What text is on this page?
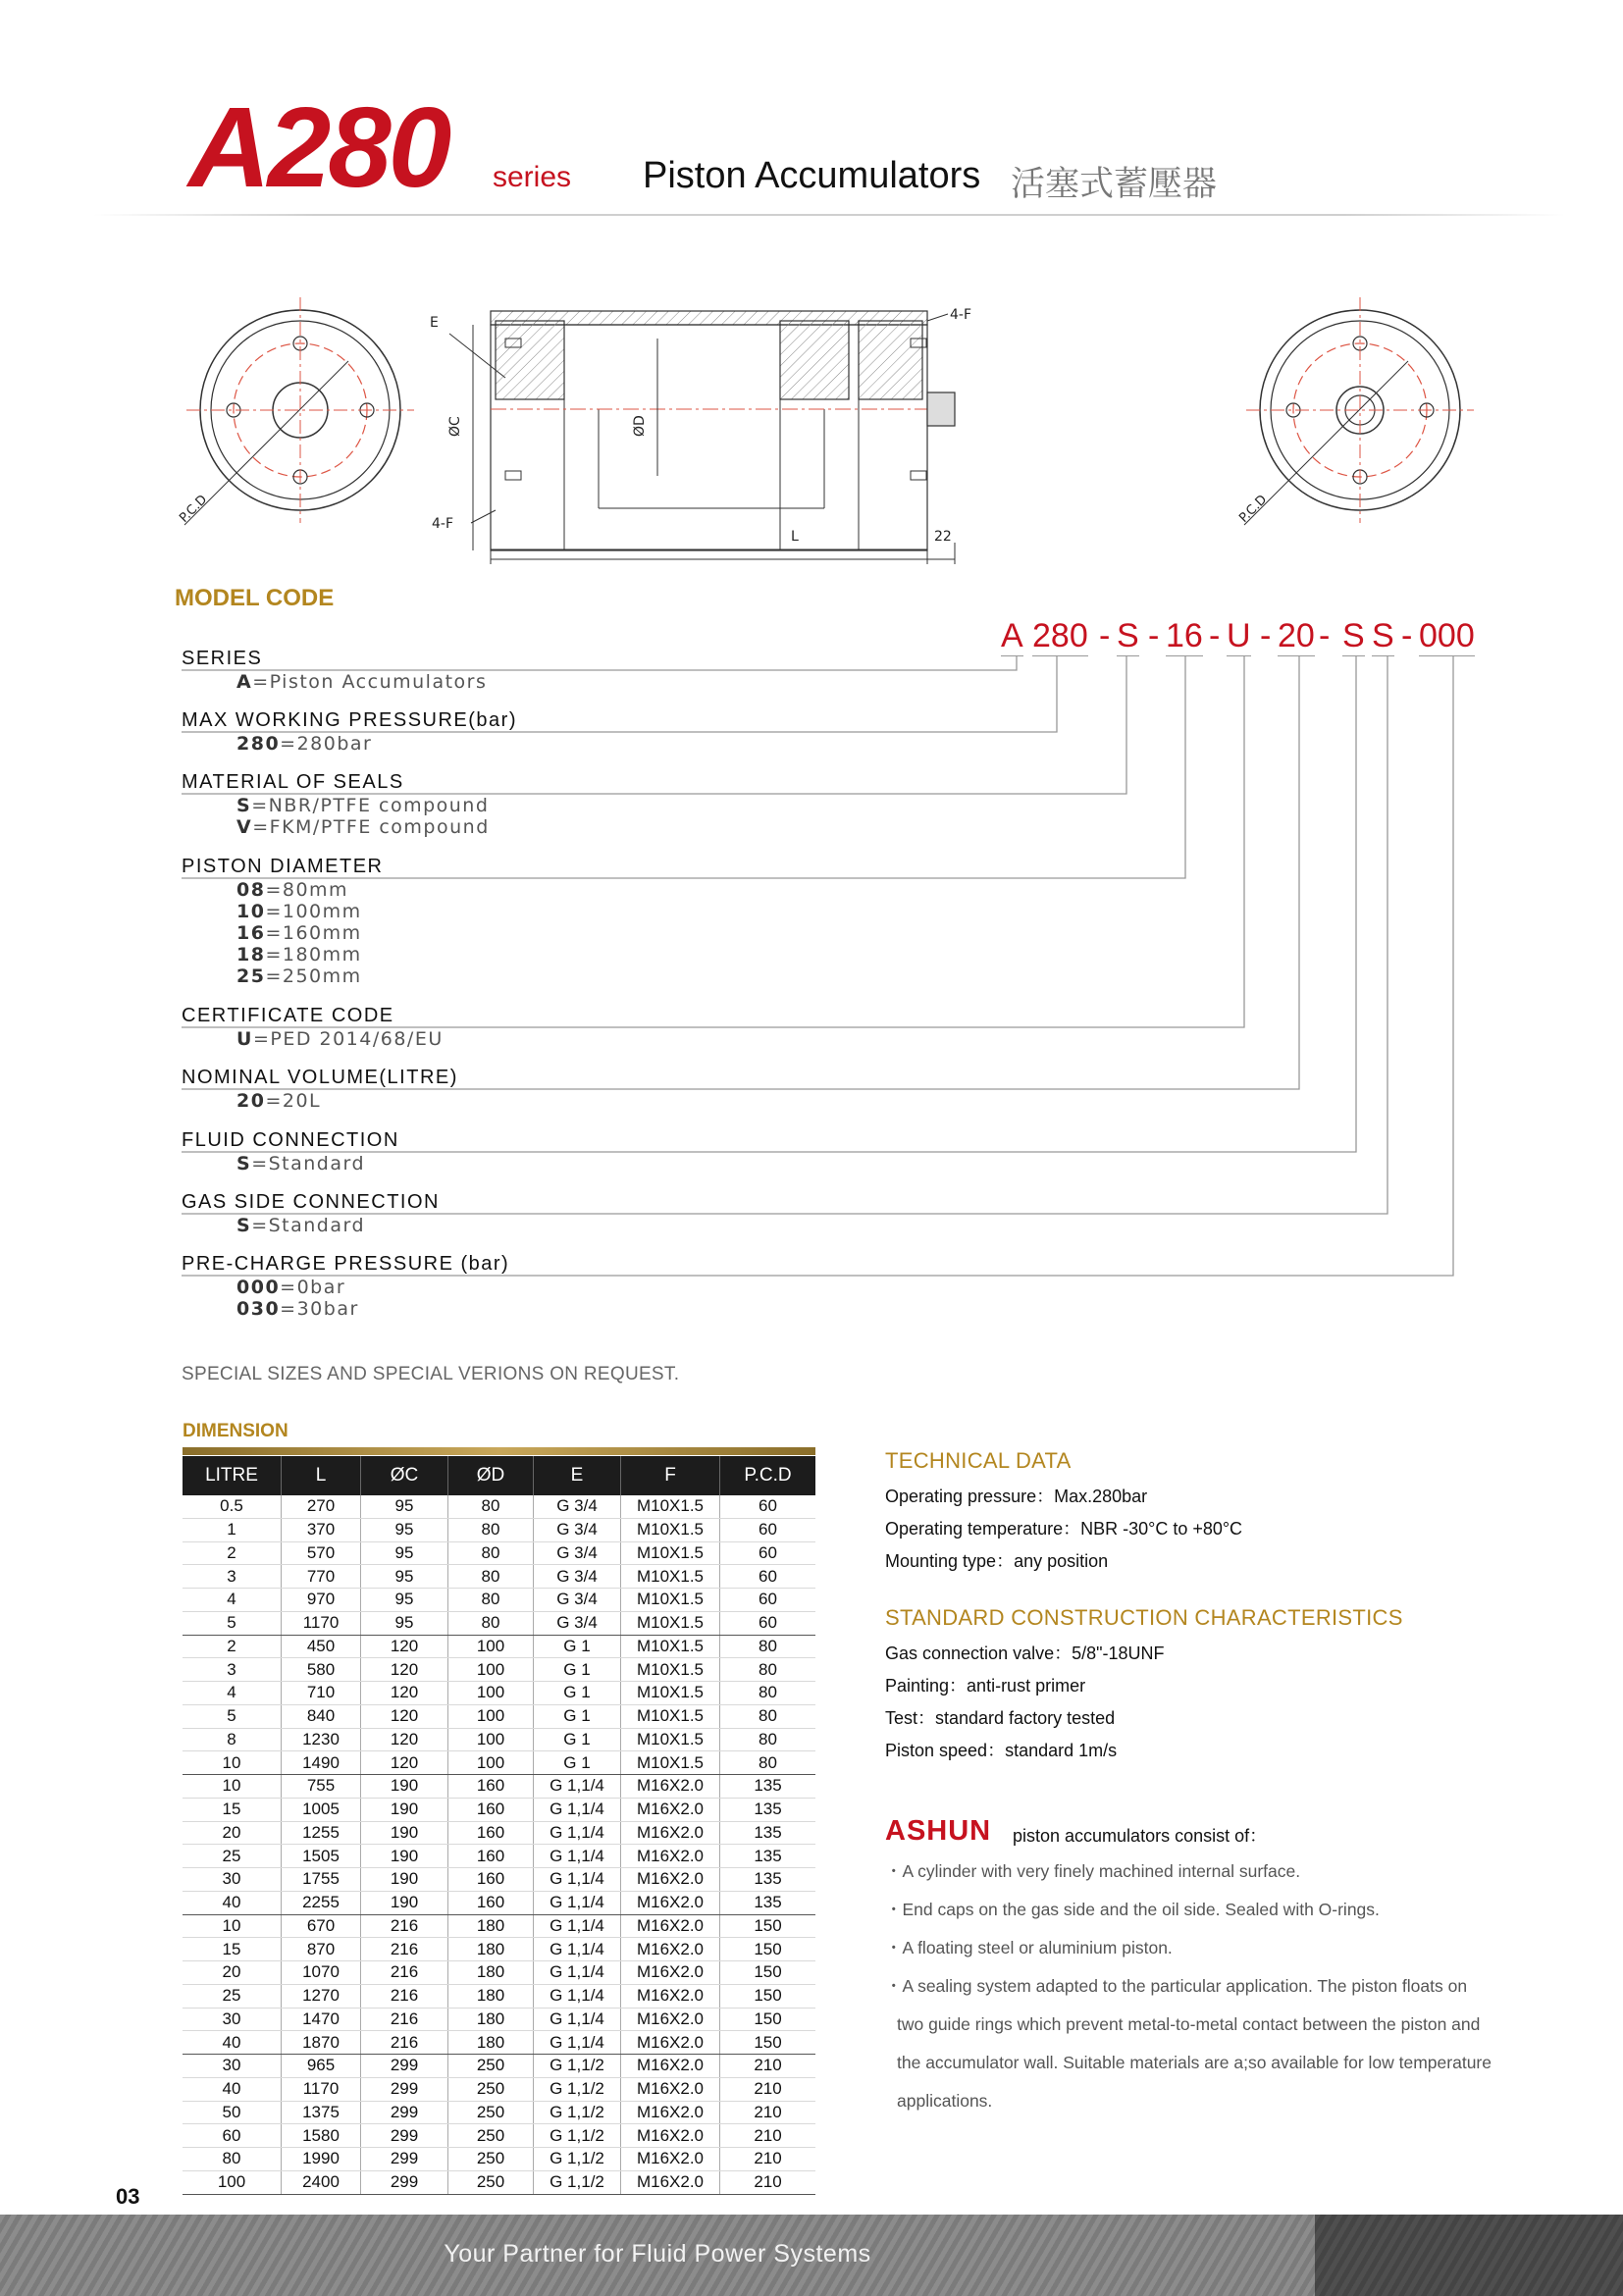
A280 series Piston Accumulators 活塞式蓄壓器
P.C.D
E	4-F
4-F
ØC	ØD
L	22
P.C.D
MODEL CODE
A 280 - S - 16 - U - 20 - S S - 000
SERIES
A=Piston Accumulators
MAX WORKING PRESSURE(bar)
280=280bar
MATERIAL OF SEALS
S=NBR/PTFE compound
V=FKM/PTFE compound
PISTON DIAMETER
08=80mm
10=100mm
16=160mm
18=180mm
25=250mm
CERTIFICATE CODE
U=PED 2014/68/EU
NOMINAL VOLUME(LITRE)
20=20L
FLUID CONNECTION
S=Standard
GAS SIDE CONNECTION
S=Standard
PRE-CHARGE PRESSURE (bar)
000=0bar
030=30bar
SPECIAL SIZES AND SPECIAL VERIONS ON REQUEST.
DIMENSION
LITRE	L	ØC	ØD	E	F	P.C.D
0.5	270	95	80	G 3/4	M10X1.5	60
1	370	95	80	G 3/4	M10X1.5	60
2	570	95	80	G 3/4	M10X1.5	60
3	770	95	80	G 3/4	M10X1.5	60
4	970	95	80	G 3/4	M10X1.5	60
5	1170	95	80	G 3/4	M10X1.5	60
2	450	120	100	G 1	M10X1.5	80
3	580	120	100	G 1	M10X1.5	80
4	710	120	100	G 1	M10X1.5	80
5	840	120	100	G 1	M10X1.5	80
8	1230	120	100	G 1	M10X1.5	80
10	1490	120	100	G 1	M10X1.5	80
10	755	190	160	G 1,1/4	M16X2.0	135
15	1005	190	160	G 1,1/4	M16X2.0	135
20	1255	190	160	G 1,1/4	M16X2.0	135
25	1505	190	160	G 1,1/4	M16X2.0	135
30	1755	190	160	G 1,1/4	M16X2.0	135
40	2255	190	160	G 1,1/4	M16X2.0	135
10	670	216	180	G 1,1/4	M16X2.0	150
15	870	216	180	G 1,1/4	M16X2.0	150
20	1070	216	180	G 1,1/4	M16X2.0	150
25	1270	216	180	G 1,1/4	M16X2.0	150
30	1470	216	180	G 1,1/4	M16X2.0	150
40	1870	216	180	G 1,1/4	M16X2.0	150
30	965	299	250	G 1,1/2	M16X2.0	210
40	1170	299	250	G 1,1/2	M16X2.0	210
50	1375	299	250	G 1,1/2	M16X2.0	210
60	1580	299	250	G 1,1/2	M16X2.0	210
80	1990	299	250	G 1,1/2	M16X2.0	210
100	2400	299	250	G 1,1/2	M16X2.0	210
TECHNICAL DATA
Operating pressure：Max.280bar
Operating temperature：NBR -30°C to +80°C
Mounting type：any position
STANDARD CONSTRUCTION CHARACTERISTICS
Gas connection valve：5/8"-18UNF
Painting：anti-rust primer
Test：standard factory tested
Piston speed：standard 1m/s
ASHUN piston accumulators consist of：
・A cylinder with very finely machined internal surface.
・End caps on the gas side and the oil side. Sealed with O-rings.
・A floating steel or aluminium piston.
・A sealing system adapted to the particular application. The piston floats on two guide rings which prevent metal-to-metal contact between the piston and the accumulator wall. Suitable materials are a;so available for low temperature applications.
03
Your Partner for Fluid Power Systems
